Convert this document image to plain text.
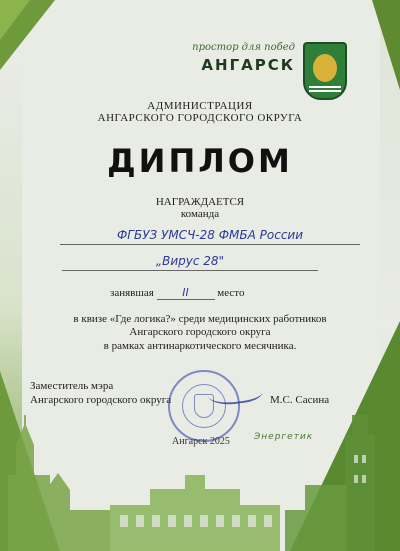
простор для побед
АНГАРСК
АДМИНИСТРАЦИЯ
АНГАРСКОГО ГОРОДСКОГО ОКРУГА
ДИПЛОМ
НАГРАЖДАЕТСЯ
команда
ФГБУЗ УМСЧ-28 ФМБА России
„Вирус 28"
занявшая	II	место
в квизе «Где логика?» среди медицинских работников
Ангарского городского округа
в рамках антинаркотического месячника.
Заместитель мэра
Ангарского городского округа	М.С. Сасина
Ангарск 2025	Энергетик
